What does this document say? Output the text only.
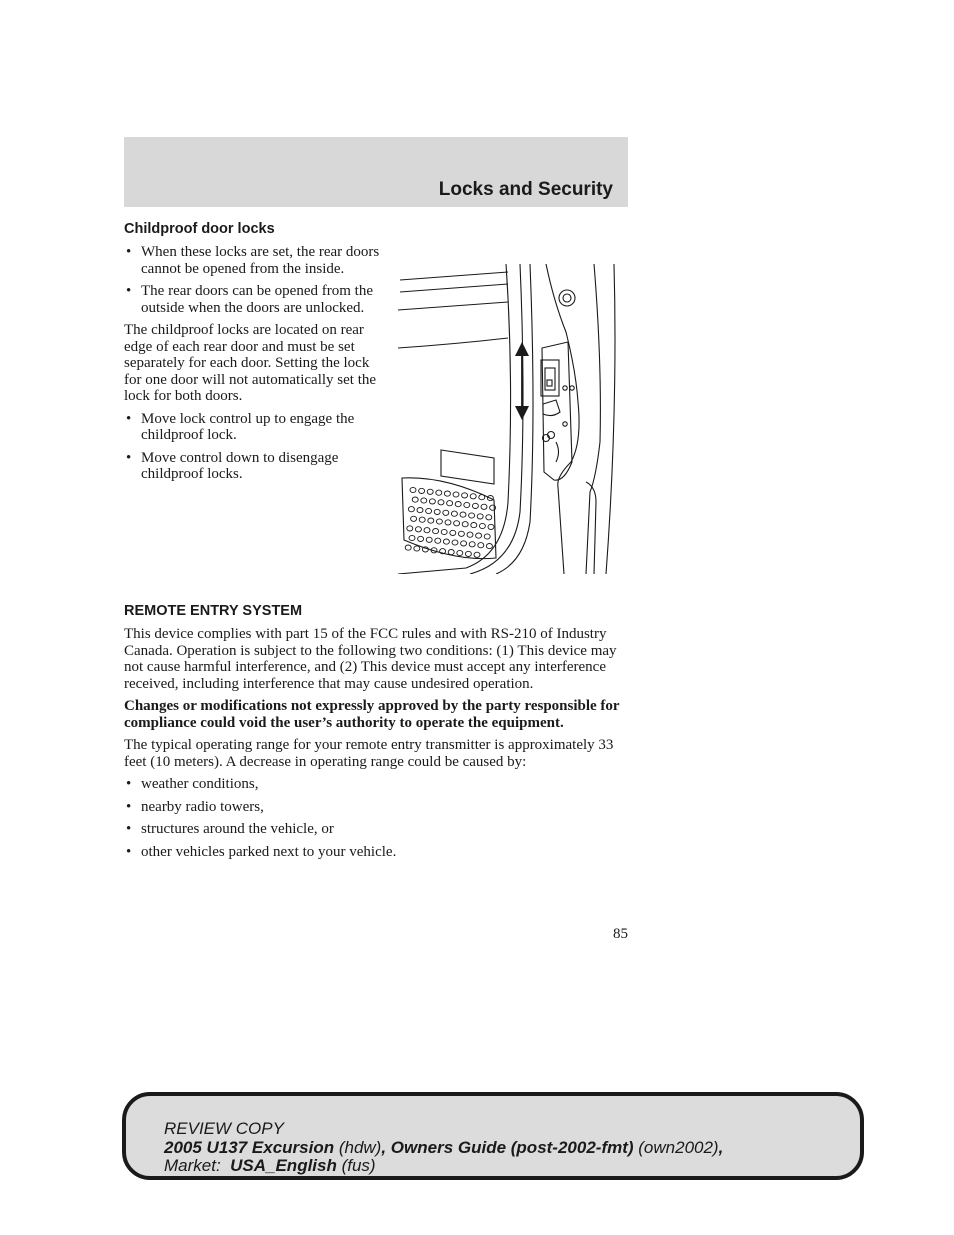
Locks and Security
Childproof door locks
• When these locks are set, the rear doors cannot be opened from the inside.
• The rear doors can be opened from the outside when the doors are unlocked.

The childproof locks are located on rear edge of each rear door and must be set separately for each door. Setting the lock for one door will not automatically set the lock for both doors.

• Move lock control up to engage the childproof lock.
• Move control down to disengage childproof locks.
REMOTE ENTRY SYSTEM

This device complies with part 15 of the FCC rules and with RS-210 of Industry Canada. Operation is subject to the following two conditions: (1) This device may not cause harmful interference, and (2) This device must accept any interference received, including interference that may cause undesired operation.

Changes or modifications not expressly approved by the party responsible for compliance could void the user’s authority to operate the equipment.

The typical operating range for your remote entry transmitter is approximately 33 feet (10 meters). A decrease in operating range could be caused by:

• weather conditions,
• nearby radio towers,
• structures around the vehicle, or
• other vehicles parked next to your vehicle.
85
REVIEW COPY
2005 U137 Excursion (hdw), Owners Guide (post-2002-fmt) (own2002),
Market:  USA_English (fus)
